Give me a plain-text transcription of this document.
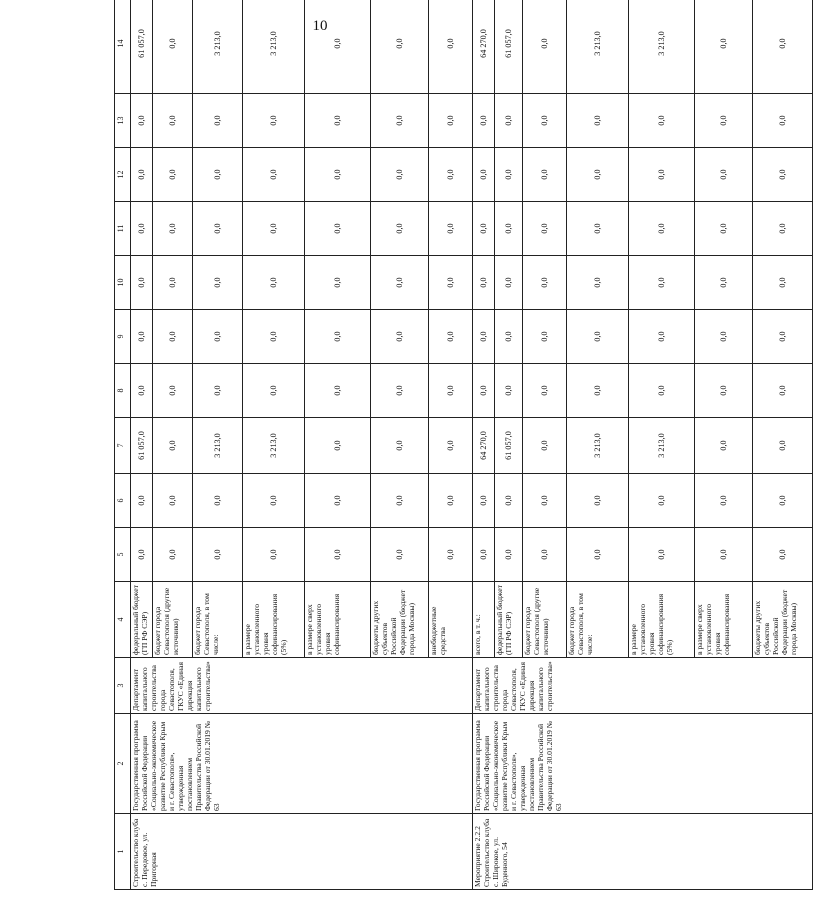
10
1	2	3	4	5	6	7	8	9	10	11	12	13	14
Строительство клуба с. Передовое, ул. Пригорная	Государственная программа Российской Федерации «Социально-экономическое развитие Республики Крым и г. Севастополя», утвержденная постановлением Правительства Российской Федерации от 30.01.2019 № 63	Департамент капитального строительства города Севастополя, ГКУС «Единая дирекция капитального строительства»	федеральный бюджет (ГП РФ СЭР)	0,0	0,0	61 057,0	0,0	0,0	0,0	0,0	0,0	0,0	61 057,0
			бюджет города Севастополя (другие источники)	0,0	0,0	0,0	0,0	0,0	0,0	0,0	0,0	0,0	0,0
			бюджет города Севастополя, в том числе:	0,0	0,0	3 213,0	0,0	0,0	0,0	0,0	0,0	0,0	3 213,0
			в размере установленного уровня софинансирования (5%)	0,0	0,0	3 213,0	0,0	0,0	0,0	0,0	0,0	0,0	3 213,0
			в размере сверх установленного уровня софинансирования	0,0	0,0	0,0	0,0	0,0	0,0	0,0	0,0	0,0	0,0
			бюджеты других субъектов Российской Федерации (бюджет города Москвы)	0,0	0,0	0,0	0,0	0,0	0,0	0,0	0,0	0,0	0,0
			внебюджетные средства	0,0	0,0	0,0	0,0	0,0	0,0	0,0	0,0	0,0	0,0
Мероприятие 2.2.2 Строительство клуба с. Широкое, ул. Буденного, 54	Государственная программа Российской Федерации «Социально-экономическое развитие Республики Крым и г. Севастополя», утвержденная постановлением Правительства Российской Федерации от 30.01.2019 № 63	Департамент капитального строительства города Севастополя, ГКУС «Единая дирекция капитального строительства»	всего, в т. ч.:	0,0	0,0	64 270,0	0,0	0,0	0,0	0,0	0,0	0,0	64 270,0
			федеральный бюджет (ГП РФ СЭР)	0,0	0,0	61 057,0	0,0	0,0	0,0	0,0	0,0	0,0	61 057,0
			бюджет города Севастополя (другие источники)	0,0	0,0	0,0	0,0	0,0	0,0	0,0	0,0	0,0	0,0
			бюджет города Севастополя, в том числе:	0,0	0,0	3 213,0	0,0	0,0	0,0	0,0	0,0	0,0	3 213,0
			в размере установленного уровня софинансирования (5%)	0,0	0,0	3 213,0	0,0	0,0	0,0	0,0	0,0	0,0	3 213,0
			в размере сверх установленного уровня софинансирования	0,0	0,0	0,0	0,0	0,0	0,0	0,0	0,0	0,0	0,0
			бюджеты других субъектов Российской Федерации (бюджет города Москвы)	0,0	0,0	0,0	0,0	0,0	0,0	0,0	0,0	0,0	0,0
